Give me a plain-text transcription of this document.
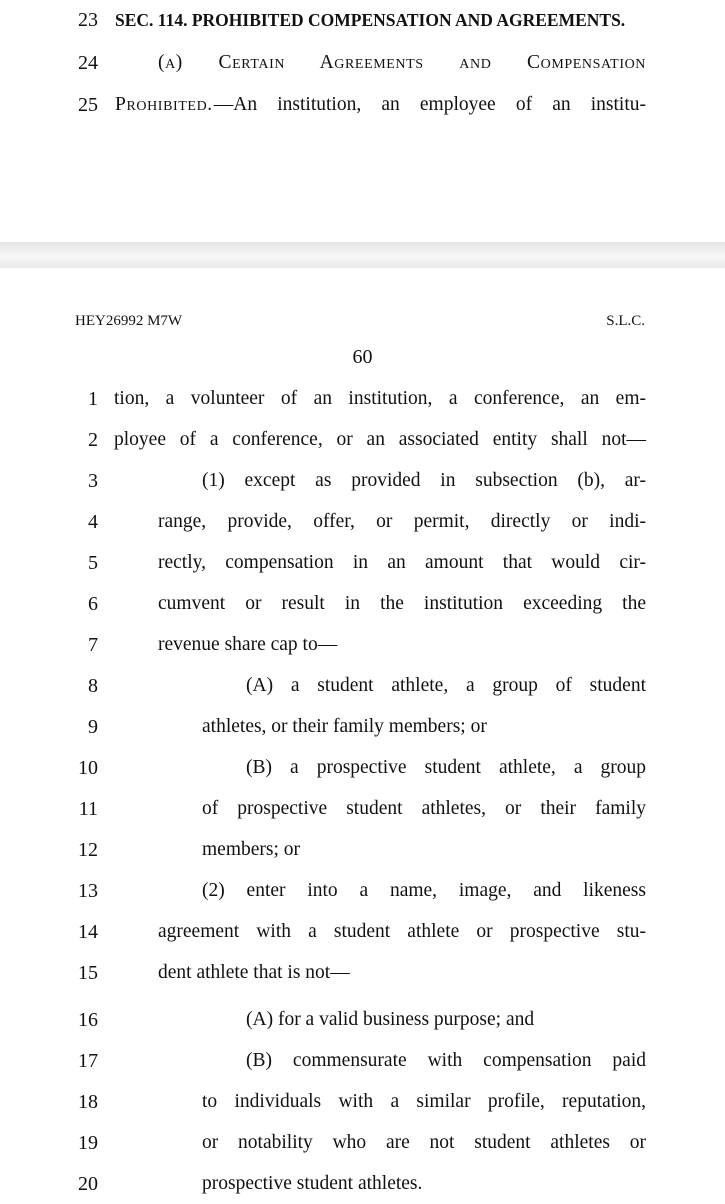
23 SEC. 114. PROHIBITED COMPENSATION AND AGREEMENTS.
24	(a) Certain Agreements and Compensation
25 Prohibited. —An institution, an employee of an institu-
HEY26992 M7W	S.L.C.
60
1 tion, a volunteer of an institution, a conference, an em-
2 ployee of a conference, or an associated entity shall not—
3	(1) except as provided in subsection (b), ar-
4	range, provide, offer, or permit, directly or indi-
5	rectly, compensation in an amount that would cir-
6	cumvent or result in the institution exceeding the
7	revenue share cap to—
8	(A) a student athlete, a group of student
9	athletes, or their family members; or
10	(B) a prospective student athlete, a group
11	of prospective student athletes, or their family
12	members; or
13	(2) enter into a name, image, and likeness
14	agreement with a student athlete or prospective stu-
15	dent athlete that is not—
16	(A) for a valid business purpose; and
17	(B) commensurate with compensation paid
18	to individuals with a similar profile, reputation,
19	or notability who are not student athletes or
20	prospective student athletes.
